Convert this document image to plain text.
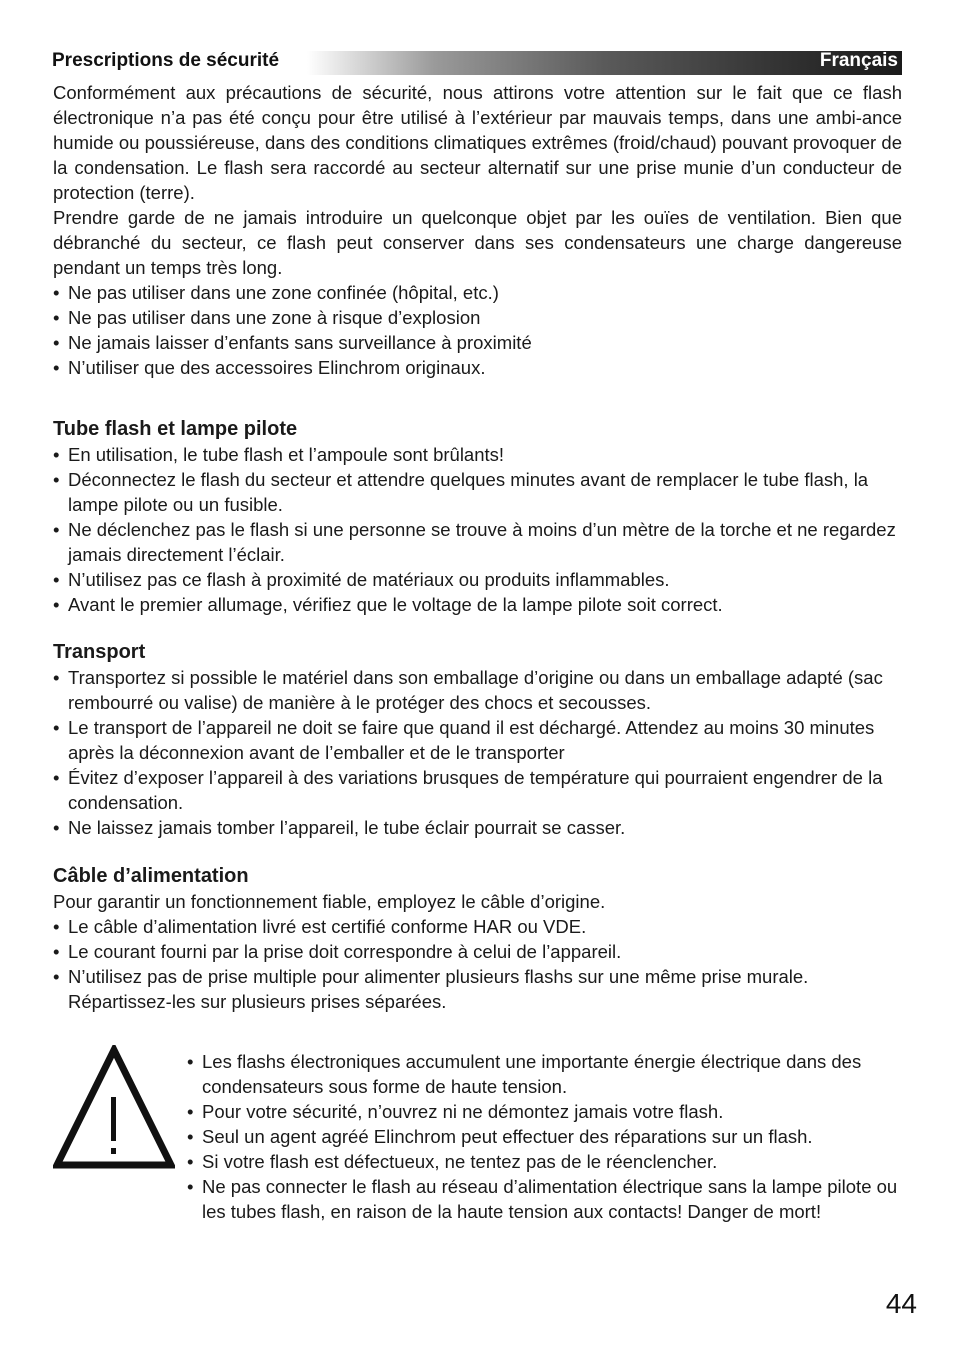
Prescriptions de sécurité	Français

Conformément aux précautions de sécurité, nous attirons votre attention sur le fait que ce flash électronique n’a pas été conçu pour être utilisé à l’extérieur par mauvais temps, dans une ambi-ance humide ou poussiéreuse, dans des conditions climatiques extrêmes (froid/chaud) pouvant provoquer de la condensation. Le flash sera raccordé au secteur alternatif sur une prise munie d’un conducteur de protection (terre).

Prendre garde de ne jamais introduire un quelconque objet par les ouïes de ventilation. Bien que débranché du secteur, ce flash peut conserver dans ses condensateurs une charge dangereuse pendant un temps très long.

• Ne pas utiliser dans une zone confinée (hôpital, etc.)
• Ne pas utiliser dans une zone à risque d’explosion
• Ne jamais laisser d’enfants sans surveillance à proximité
• N’utiliser que des accessoires Elinchrom originaux.
Tube flash et lampe pilote
• En utilisation, le tube flash et l’ampoule sont brûlants!
• Déconnectez le flash du secteur et attendre quelques minutes avant de remplacer le tube flash, la lampe pilote ou un fusible.
• Ne déclenchez pas le flash si une personne se trouve à moins d’un mètre de la torche et ne regardez jamais directement l’éclair.
• N’utilisez pas ce flash à proximité de matériaux ou produits inflammables.
• Avant le premier allumage, vérifiez que le voltage de la lampe pilote soit correct.
Transport
• Transportez si possible le matériel dans son emballage d’origine ou dans un emballage adapté (sac rembourré ou valise) de manière à le protéger des chocs et secousses.
• Le transport de l’appareil ne doit se faire que quand il est déchargé. Attendez au moins 30 minutes après la déconnexion avant de l’emballer et de le transporter
• Évitez d’exposer l’appareil à des variations brusques de température qui pourraient engendrer de la condensation.
• Ne laissez jamais tomber l’appareil, le tube éclair pourrait se casser.
Câble d’alimentation

Pour garantir un fonctionnement fiable, employez le câble d’origine.

• Le câble d’alimentation livré est certifié conforme HAR ou VDE.
• Le courant fourni par la prise doit correspondre à celui de l’appareil.
• N’utilisez pas de prise multiple pour alimenter plusieurs flashs sur une même prise murale. Répartissez-les sur plusieurs prises séparées.
• Les flashs électroniques accumulent une importante énergie électrique dans des condensateurs sous forme de haute tension.
• Pour votre sécurité, n’ouvrez ni ne démontez jamais votre flash.
• Seul un agent agréé Elinchrom peut effectuer des réparations sur un flash.
• Si votre flash est défectueux, ne tentez pas de le réenclencher.
• Ne pas connecter le flash au réseau d’alimentation électrique sans la lampe pilote ou les tubes flash, en raison de la haute tension aux contacts! Danger de mort!
44
